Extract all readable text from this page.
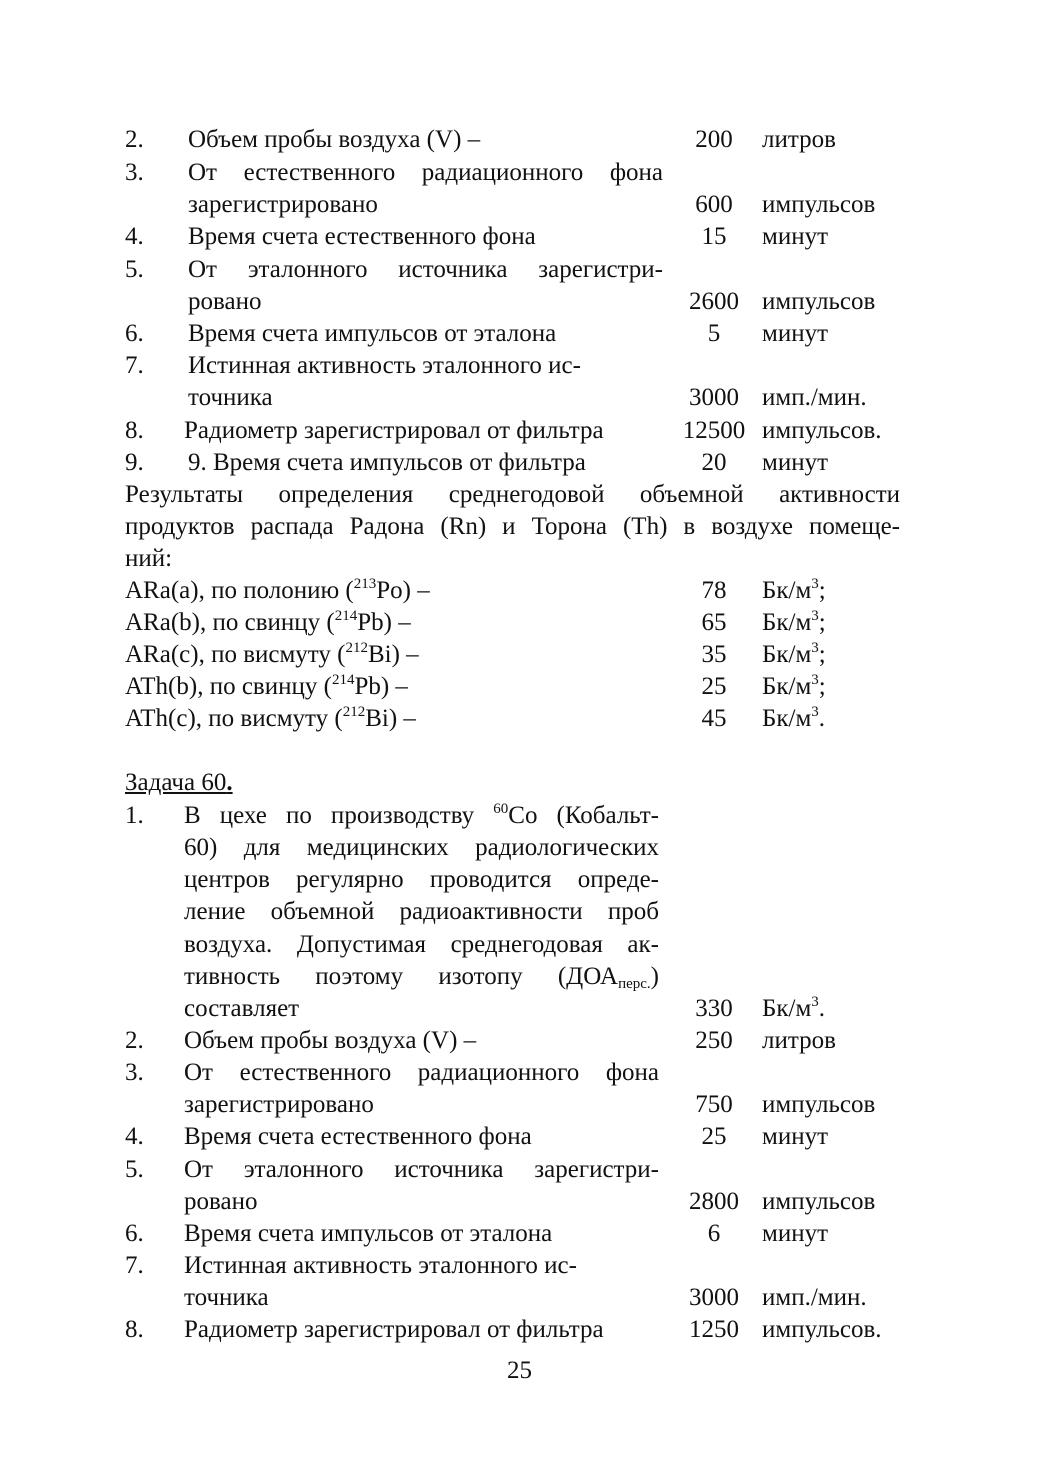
2. Объем пробы воздуха (V) –	200	литров
3. От естественного радиационного фона
зарегистрировано	600	импульсов
4. Время счета естественного фона	15	минут
5. От эталонного источника зарегистри-
ровано	2600 импульсов
6. Время счета импульсов от эталона	5	минут
7. Истинная активность эталонного ис-
точника	3000 имп./мин.
8. Радиометр зарегистрировал от фильтра	12500 импульсов.
9. 9. Время счета импульсов от фильтра	20	минут
Результаты определения среднегодовой объемной активности
продуктов распада Радона (Rn) и Торона (Th) в воздухе помеще-
ний:
ARa(a), по полонию ($^{213}$Po) –	78	$Бк/м^3$;
ARa(b), по свинцу ($^{214}$Pb) –	65	$Бк/м^3$;
ARa(c), по висмуту ($^{212}$Bi) –	35	$Бк/м^3$;
ATh(b), по свинцу ($^{214}$Pb) –	25	$Бк/м^3$;
ATh(c), по висмуту ($^{212}$Bi) –	45	$Бк/м^3$.
Задача 60.
1. В цехе по производству $^{60}$Co (Кобальт-
60) для медицинских радиологических
центров регулярно проводится опреде-
ление объемной радиоактивности проб
воздуха. Допустимая среднегодовая ак-
тивность поэтому изотопу $(ДОА_{перс.})$
составляет	330	$Бк/м^3$.
2. Объем пробы воздуха (V) –	250	литров
3. От естественного радиационного фона
зарегистрировано	750	импульсов
4. Время счета естественного фона	25	минут
5. От эталонного источника зарегистри-
ровано	2800 импульсов
6. Время счета импульсов от эталона	6	минут
7. Истинная активность эталонного ис-
точника	3000 имп./мин.
8. Радиометр зарегистрировал от фильтра	1250 импульсов.
25
